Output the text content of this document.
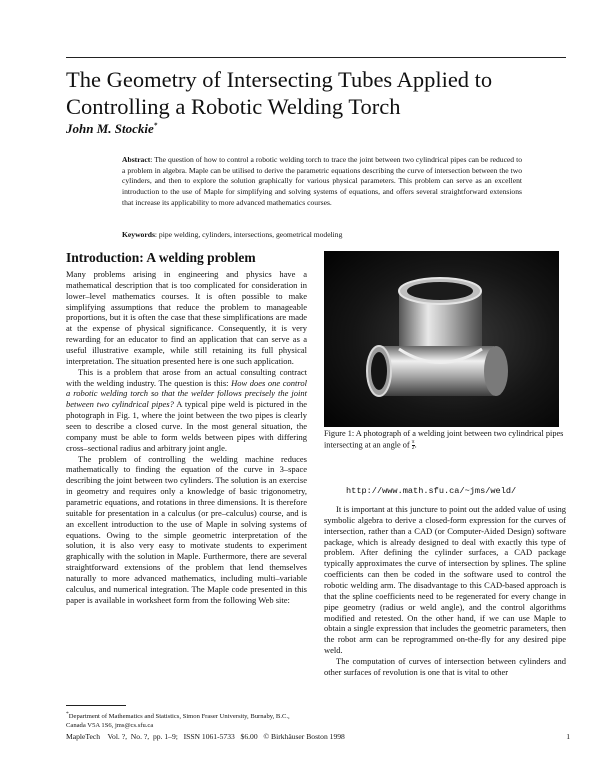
The Geometry of Intersecting Tubes Applied to Controlling a Robotic Welding Torch
John M. Stockie*
Abstract: The question of how to control a robotic welding torch to trace the joint between two cylindrical pipes can be reduced to a problem in algebra. Maple can be utilised to derive the parametric equations describing the curve of intersection between the two cylinders, and then to explore the solution graphically for various physical parameters. This problem can serve as an excellent introduction to the use of Maple for simplifying and solving systems of equations, and offers several straightforward extensions that increase its applicability to more advanced mathematics courses.
Keywords: pipe welding, cylinders, intersections, geometrical modeling
Introduction: A welding problem

Many problems arising in engineering and physics have a mathematical description that is too complicated for consideration in lower–level mathematics courses. It is often possible to make simplifying assumptions that reduce the problem to manageable proportions, but it is often the case that these simplifications are made at the expense of physical significance. Consequently, it is very rewarding for an educator to find an application that can serve as a useful illustrative example, while still retaining its full physical interpretation. The situation presented here is one such application.

This is a problem that arose from an actual consulting contract with the welding industry. The question is this: How does one control a robotic welding torch so that the welder follows precisely the joint between two cylindrical pipes? A typical pipe weld is pictured in the photograph in Fig. 1, where the joint between the two pipes is clearly seen to describe a closed curve. In the most general situation, the company must be able to form welds between pipes with differing cross–sectional radius and arbitrary joint angle.

The problem of controlling the welding machine reduces mathematically to finding the equation of the curve in 3–space describing the joint between two cylinders. The solution is an exercise in geometry and requires only a knowledge of basic trigonometry, parametric equations, and rotations in three dimensions. It is therefore suitable for presentation in a calculus (or pre–calculus) course, and is an excellent introduction to the use of Maple in solving systems of equations. Owing to the simple geometric interpretation of the solution, it is also very easy to motivate students to experiment graphically with the solution in Maple. Furthermore, there are several straightforward extensions of the problem that lend themselves naturally to more advanced mathematics, including multi–variable calculus, and numerical integration. The Maple code presented in this paper is available in worksheet form from the following Web site:

*Department of Mathematics and Statistics, Simon Fraser University, Burnaby, B.C., Canada V5A 1S6, jms@cs.sfu.ca
Figure 1: A photograph of a welding joint between two cylindrical pipes intersecting at an angle of $\frac{\pi}{2}$ .
http://www.math.sfu.ca/~jms/weld/

It is important at this juncture to point out the added value of using symbolic algebra to derive a closed-form expression for the curves of intersection, rather than a CAD (or Computer-Aided Design) software package, which is already designed to deal with exactly this type of problem. After defining the cylinder surfaces, a CAD package typically approximates the curve of intersection by splines. The spline coefficients can then be coded in the software used to control the robotic welding arm. The disadvantage to this CAD-based approach is that the spline coefficients need to be regenerated for every change in pipe geometry (radius or weld angle), and the control algorithms modified and retested. On the other hand, if we can use Maple to obtain a single expression that includes the geometric parameters, then the robot arm can be reprogrammed on-the-fly for any desired pipe weld.

The computation of curves of intersection between cylinders and other surfaces of revolution is one that is vital to other

MapleTech Vol. ?, No. ?, pp. 1–9; ISSN 1061-5733 $6.00 © Birkhäuser Boston 1998	1
